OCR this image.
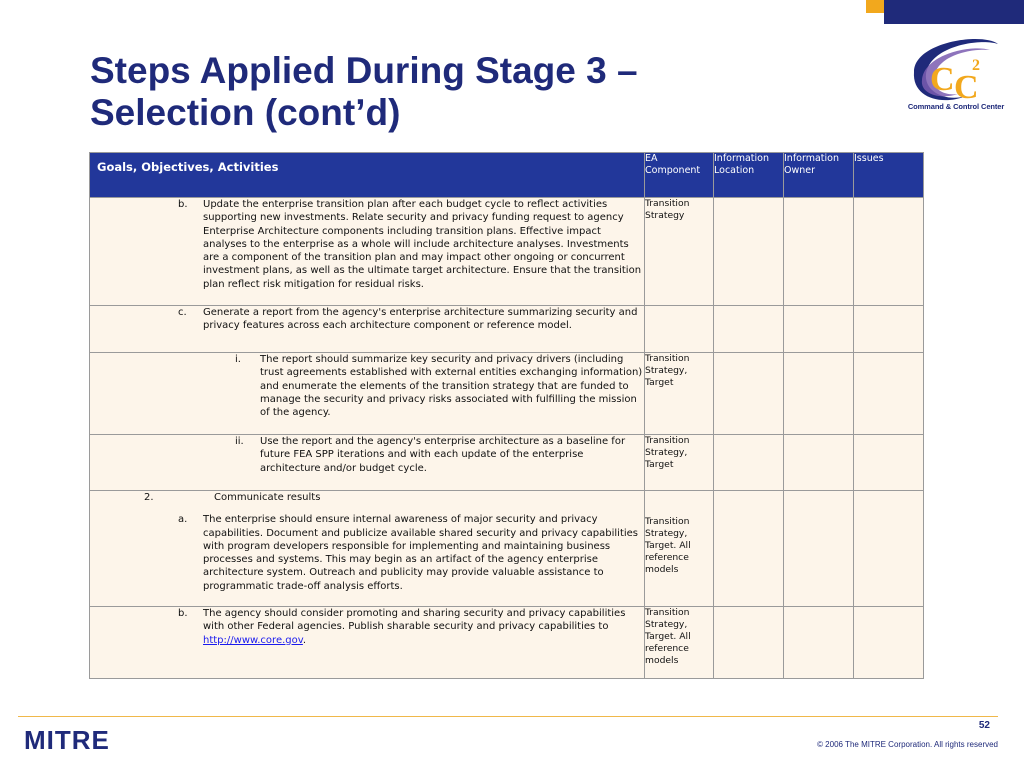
Steps Applied During Stage 3 –
Selection (cont’d)
C C
2
Command & Control Center
Goals, Objectives, Activities	EA Component	Information Location	Information Owner	Issues

b. Update the enterprise transition plan after each budget cycle to reflect activities supporting new investments. Relate security and privacy funding request to agency Enterprise Architecture components including transition plans. Effective impact analyses to the enterprise as a whole will include architecture analyses. Investments are a component of the transition plan and may impact other ongoing or concurrent investment plans, as well as the ultimate target architecture. Ensure that the transition plan reflect risk mitigation for residual risks.	Transition Strategy			

c. Generate a report from the agency's enterprise architecture summarizing security and privacy features across each architecture component or reference model.				

i. The report should summarize key security and privacy drivers (including trust agreements established with external entities exchanging information) and enumerate the elements of the transition strategy that are funded to manage the security and privacy risks associated with fulfilling the mission of the agency.	Transition Strategy, Target			

ii. Use the report and the agency's enterprise architecture as a baseline for future FEA SPP iterations and with each update of the enterprise architecture and/or budget cycle.	Transition Strategy, Target			

2. Communicate results
a. The enterprise should ensure internal awareness of major security and privacy capabilities. Document and publicize available shared security and privacy capabilities with program developers responsible for implementing and maintaining business processes and systems. This may begin as an artifact of the agency enterprise architecture system. Outreach and publicity may provide valuable assistance to programmatic trade-off analysis efforts.	Transition Strategy, Target. All reference models			

b. The agency should consider promoting and sharing security and privacy capabilities with other Federal agencies. Publish sharable security and privacy capabilities to http://www.core.gov.	Transition Strategy, Target. All reference models			
MITRE	52
© 2006 The MITRE Corporation. All rights reserved
